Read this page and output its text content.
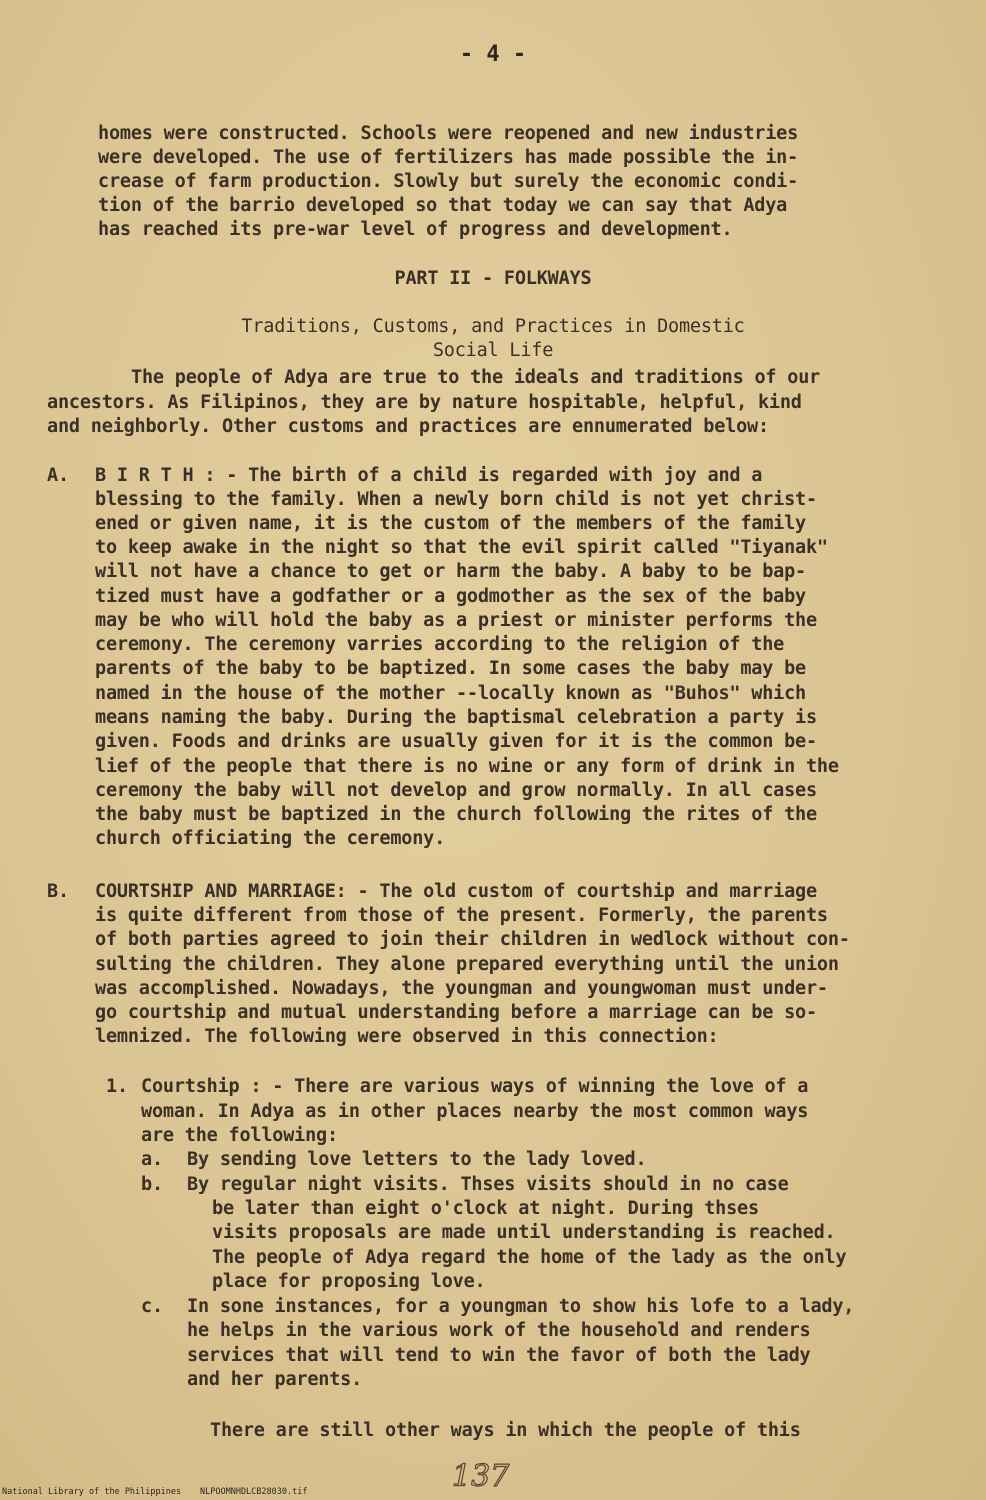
- 4 -
homes were constructed. Schools were reopened and new industries
were developed. The use of fertilizers has made possible the in-
crease of farm production. Slowly but surely the economic condi-
tion of the barrio developed so that today we can say that Adya
has reached its pre-war level of progress and development.
PART II - FOLKWAYS
Traditions, Customs, and Practices in Domestic
Social Life
The people of Adya are true to the ideals and traditions of our
ancestors. As Filipinos, they are by nature hospitable, helpful, kind
and neighborly. Other customs and practices are ennumerated below:
A. B I R T H : - The birth of a child is regarded with joy and a
blessing to the family. When a newly born child is not yet christ-
ened or given name, it is the custom of the members of the family
to keep awake in the night so that the evil spirit called "Tiyanak"
will not have a chance to get or harm the baby. A baby to be bap-
tized must have a godfather or a godmother as the sex of the baby
may be who will hold the baby as a priest or minister performs the
ceremony. The ceremony varries according to the religion of the
parents of the baby to be baptized. In some cases the baby may be
named in the house of the mother --locally known as "Buhos" which
means naming the baby. During the baptismal celebration a party is
given. Foods and drinks are usually given for it is the common be-
lief of the people that there is no wine or any form of drink in the
ceremony the baby will not develop and grow normally. In all cases
the baby must be baptized in the church following the rites of the
church officiating the ceremony.
B. COURTSHIP AND MARRIAGE: - The old custom of courtship and marriage
is quite different from those of the present. Formerly, the parents
of both parties agreed to join their children in wedlock without con-
sulting the children. They alone prepared everything until the union
was accomplished. Nowadays, the youngman and youngwoman must under-
go courtship and mutual understanding before a marriage can be so-
lemnized. The following were observed in this connection:
1. Courtship : - There are various ways of winning the love of a
woman. In Adya as in other places nearby the most common ways
are the following:
a. By sending love letters to the lady loved.
b. By regular night visits. Thses visits should in no case
be later than eight o'clock at night. During thses
visits proposals are made until understanding is reached.
The people of Adya regard the home of the lady as the only
place for proposing love.
c. In sone instances, for a youngman to show his lofe to a lady,
he helps in the various work of the household and renders
services that will tend to win the favor of both the lady
and her parents.
There are still other ways in which the people of this
137
National Library of the Philippines NLPOOMNHDLCB28030.tif
